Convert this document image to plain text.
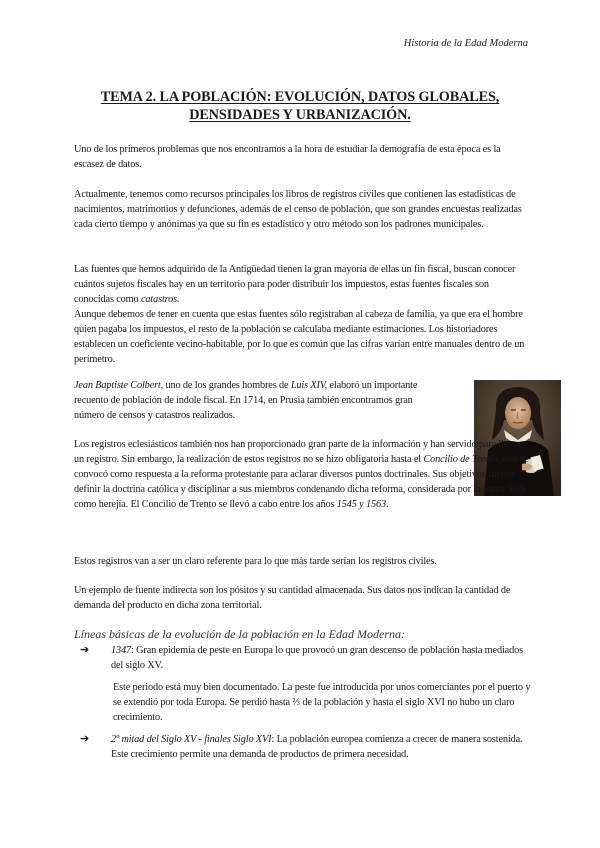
Historia de la Edad Moderna
TEMA 2. LA POBLACIÓN: EVOLUCIÓN, DATOS GLOBALES,
DENSIDADES Y URBANIZACIÓN.

Uno de los primeros problemas que nos encontramos a la hora de estudiar la demografía de esta época es la escasez de datos.

Actualmente, tenemos como recursos principales los libros de registros civiles que contienen las estadísticas de nacimientos, matrimonios y defunciones, además de el censo de población, que son grandes encuestas realizadas cada cierto tiempo y anónimas ya que su fin es estadístico y otro método son los padrones municipales.

Las fuentes que hemos adquirido de la Antigüedad tienen la gran mayoría de ellas un fin fiscal, buscan conocer cuántos sujetos fiscales hay en un territorio para poder distribuir los impuestos, estas fuentes fiscales son conocidas como catastros.
Aunque debemos de tener en cuenta que estas fuentes sólo registraban al cabeza de familia, ya que era el hombre quien pagaba los impuestos, el resto de la población se calculaba mediante estimaciones. Los historiadores establecen un coeficiente vecino-habitable, por lo que es común que las cifras varían entre manuales dentro de un perímetro.
Jean Baptiste Colbert, uno de los grandes hombres de Luis XIV, elaboró un importante recuento de población de índole fiscal. En 1714, en Prusia también encontramos gran número de censos y catastros realizados.
Los registros eclesiásticos también nos han proporcionado gran parte de la información y han servido para llevar un registro. Sin embargo, la realización de estos registros no se hizo obligatoria hasta el Concilio de Trento, este se convocó como respuesta a la reforma protestante para aclarar diversos puntos doctrinales. Sus objetivos fueron definir la doctrina católica y disciplinar a sus miembros condenando dicha reforma, considerada por la Santa Sede como herejía. El Concilio de Trento se llevó a cabo entre los años 1545 y 1563.

Estos registros van a ser un claro referente para lo que más tarde serían los registros civiles.

Un ejemplo de fuente indirecta son los pósitos y su cantidad almacenada. Sus datos nos indican la cantidad de demanda del producto en dicha zona territorial.

Líneas básicas de la evolución de la población en la Edad Moderna:
➔ 1347: Gran epidemia de peste en Europa lo que provocó un gran descenso de población hasta mediados del siglo XV.
Este periodo está muy bien documentado. La peste fue introducida por unos comerciantes por el puerto y se extendió por toda Europa. Se perdió hasta ⅔ de la población y hasta el siglo XVI no hubo un claro crecimiento.
➔ 2º mitad del Siglo XV - finales Siglo XVI: La población europea comienza a crecer de manera sostenida. Este crecimiento permite una demanda de productos de primera necesidad.
